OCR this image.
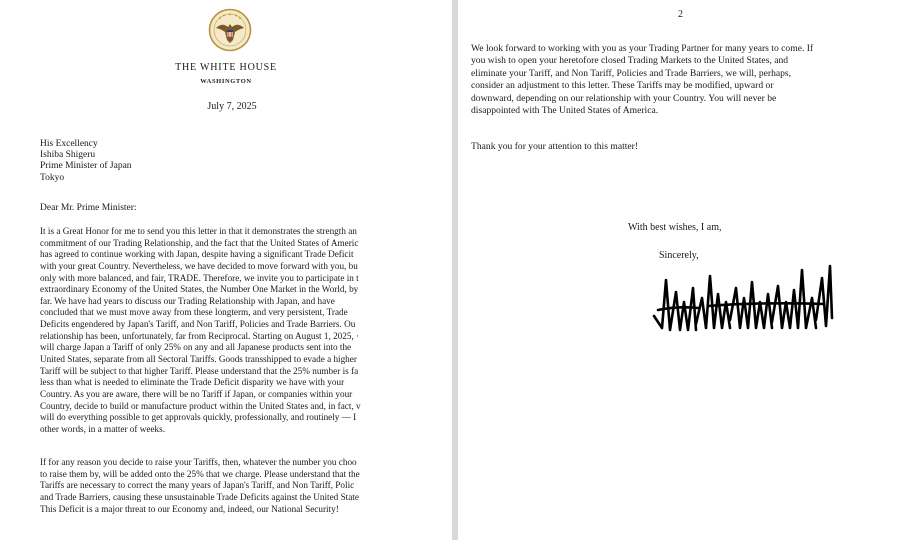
THE WHITE HOUSE
WASHINGTON
July 7, 2025
His Excellency
Ishiba Shigeru
Prime Minister of Japan
Tokyo
Dear Mr. Prime Minister:
It is a Great Honor for me to send you this letter in that it demonstrates the strength an
commitment of our Trading Relationship, and the fact that the United States of Americ
has agreed to continue working with Japan, despite having a significant Trade Deficit
with your great Country. Nevertheless, we have decided to move forward with you, bu
only with more balanced, and fair, TRADE. Therefore, we invite you to participate in t
extraordinary Economy of the United States, the Number One Market in the World, by
far. We have had years to discuss our Trading Relationship with Japan, and have
concluded that we must move away from these longterm, and very persistent, Trade
Deficits engendered by Japan's Tariff, and Non Tariff, Policies and Trade Barriers. Ou
relationship has been, unfortunately, far from Reciprocal. Starting on August 1, 2025, ·
will charge Japan a Tariff of only 25% on any and all Japanese products sent into the
United States, separate from all Sectoral Tariffs. Goods transshipped to evade a higher
Tariff will be subject to that higher Tariff. Please understand that the 25% number is fa
less than what is needed to eliminate the Trade Deficit disparity we have with your
Country. As you are aware, there will be no Tariff if Japan, or companies within your
Country, decide to build or manufacture product within the United States and, in fact, v
will do everything possible to get approvals quickly, professionally, and routinely — I
other words, in a matter of weeks.
If for any reason you decide to raise your Tariffs, then, whatever the number you choo
to raise them by, will be added onto the 25% that we charge. Please understand that the
Tariffs are necessary to correct the many years of Japan's Tariff, and Non Tariff, Polic
and Trade Barriers, causing these unsustainable Trade Deficits against the United State
This Deficit is a major threat to our Economy and, indeed, our National Security!
2
We look forward to working with you as your Trading Partner for many years to come. If
you wish to open your heretofore closed Trading Markets to the United States, and
eliminate your Tariff, and Non Tariff, Policies and Trade Barriers, we will, perhaps,
consider an adjustment to this letter. These Tariffs may be modified, upward or
downward, depending on our relationship with your Country. You will never be
disappointed with The United States of America.
Thank you for your attention to this matter!
With best wishes, I am,
Sincerely,
